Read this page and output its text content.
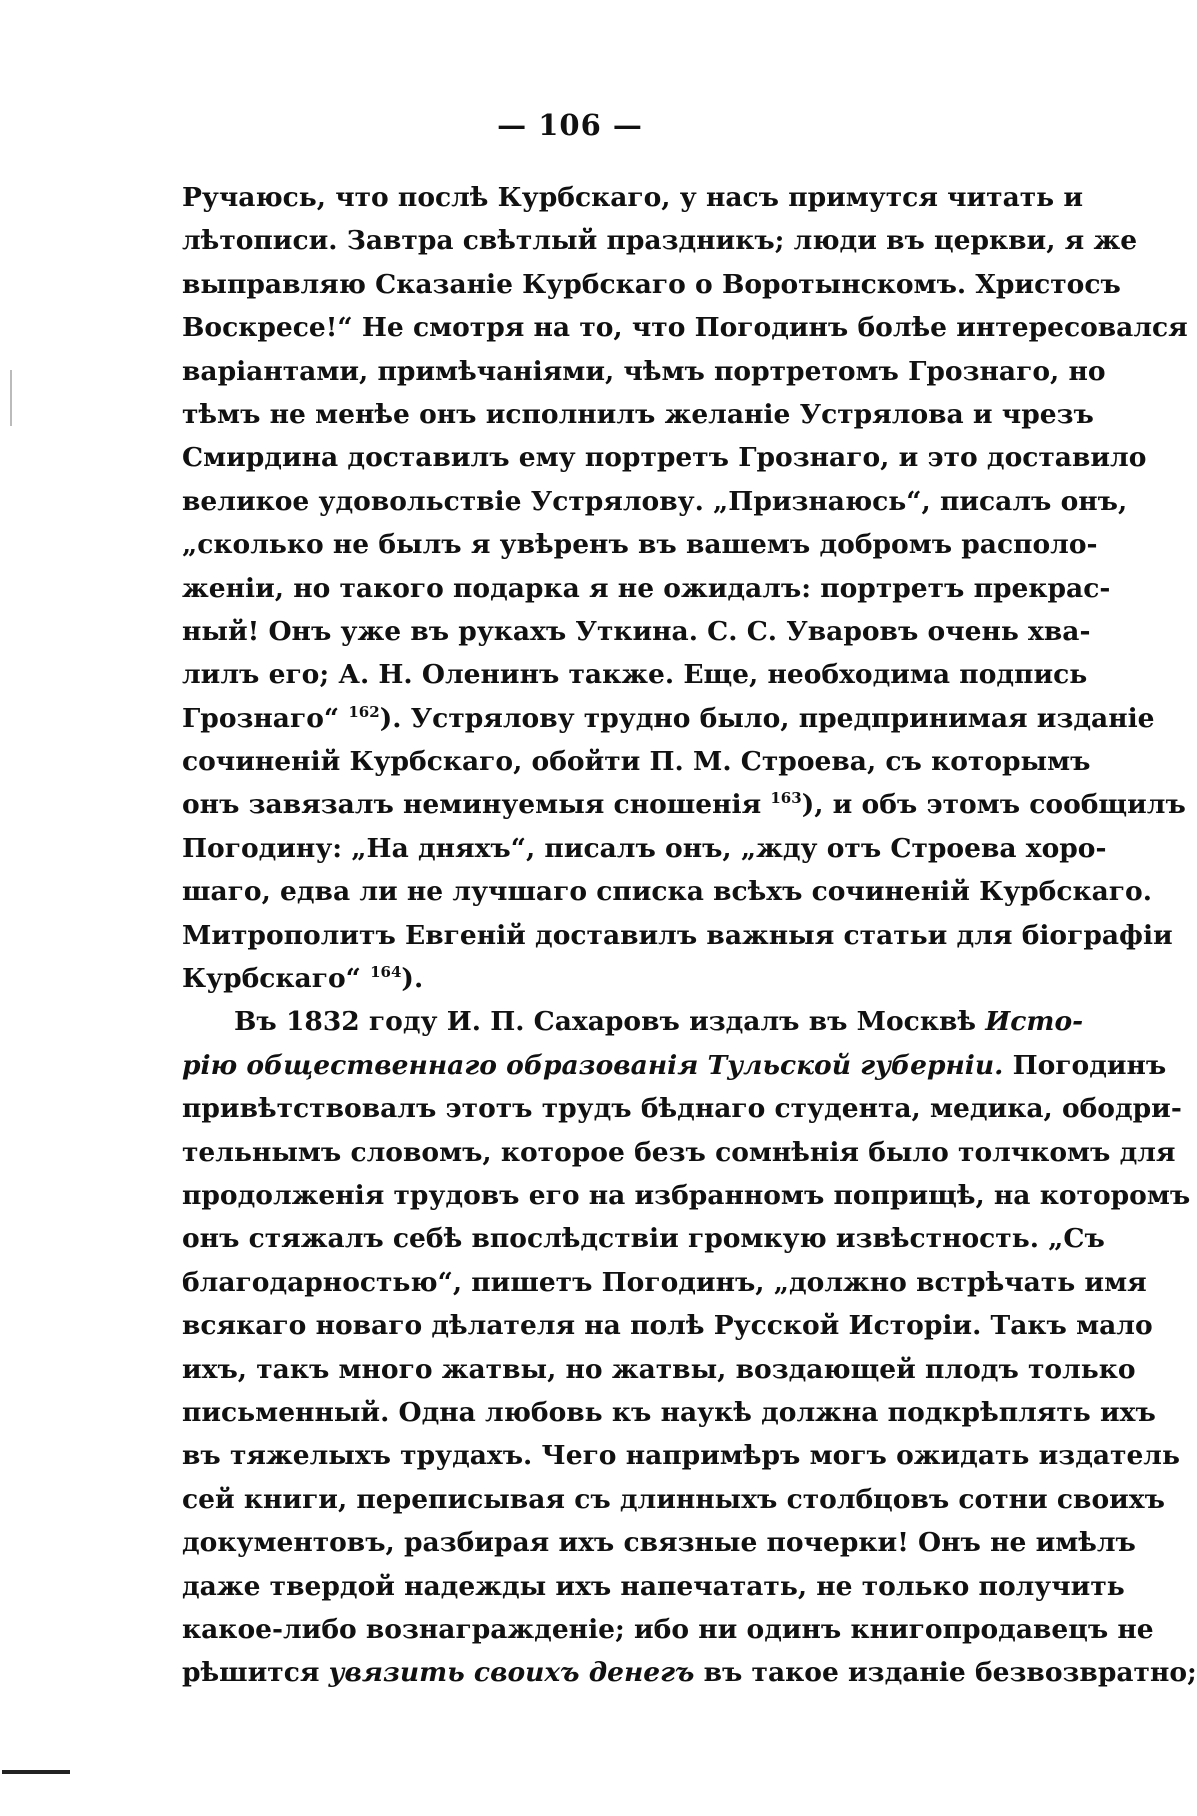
— 106 —
Ручаюсь, что послѣ Курбскаго, у насъ примутся читать и
лѣтописи. Завтра свѣтлый праздникъ; люди въ церкви, я же
выправляю Сказаніе Курбскаго о Воротынскомъ. Христосъ
Воскресе!“ Не смотря на то, что Погодинъ болѣе интересовался
варіантами, примѣчаніями, чѣмъ портретомъ Грознаго, но
тѣмъ не менѣе онъ исполнилъ желаніе Устрялова и чрезъ
Смирдина доставилъ ему портретъ Грознаго, и это доставило
великое удовольствіе Устрялову. „Признаюсь“, писалъ онъ,
„сколько не былъ я увѣренъ въ вашемъ добромъ располо-
женіи, но такого подарка я не ожидалъ: портретъ прекрас-
ный! Онъ уже въ рукахъ Уткина. С. С. Уваровъ очень хва-
лилъ его; А. Н. Оленинъ также. Еще, необходима подпись
Грознаго“ $^{162}$). Устрялову трудно было, предпринимая изданіе
сочиненій Курбскаго, обойти П. М. Строева, съ которымъ
онъ завязалъ неминуемыя сношенія $^{163}$), и объ этомъ сообщилъ
Погодину: „На дняхъ“, писалъ онъ, „жду отъ Строева хоро-
шаго, едва ли не лучшаго списка всѣхъ сочиненій Курбскаго.
Митрополитъ Евгеній доставилъ важныя статьи для біографіи
Курбскаго“ $^{164}$).
Въ 1832 году И. П. Сахаровъ издалъ въ Москвѣ Исто-
рію общественнаго образованія Тульской губерніи. Погодинъ
привѣтствовалъ этотъ трудъ бѣднаго студента, медика, ободри-
тельнымъ словомъ, которое безъ сомнѣнія было толчкомъ для
продолженія трудовъ его на избранномъ поприщѣ, на которомъ
онъ стяжалъ себѣ впослѣдствіи громкую извѣстность. „Съ
благодарностью“, пишетъ Погодинъ, „должно встрѣчать имя
всякаго новаго дѣлателя на полѣ Русской Исторіи. Такъ мало
ихъ, такъ много жатвы, но жатвы, воздающей плодъ только
письменный. Одна любовь къ наукѣ должна подкрѣплять ихъ
въ тяжелыхъ трудахъ. Чего напримѣръ могъ ожидать издатель
сей книги, переписывая съ длинныхъ столбцовъ сотни своихъ
документовъ, разбирая ихъ связные почерки! Онъ не имѣлъ
даже твердой надежды ихъ напечатать, не только получить
какое-либо вознагражденіе; ибо ни одинъ книгопродавецъ не
рѣшится увязить своихъ денегъ въ такое изданіе безвозвратно;
